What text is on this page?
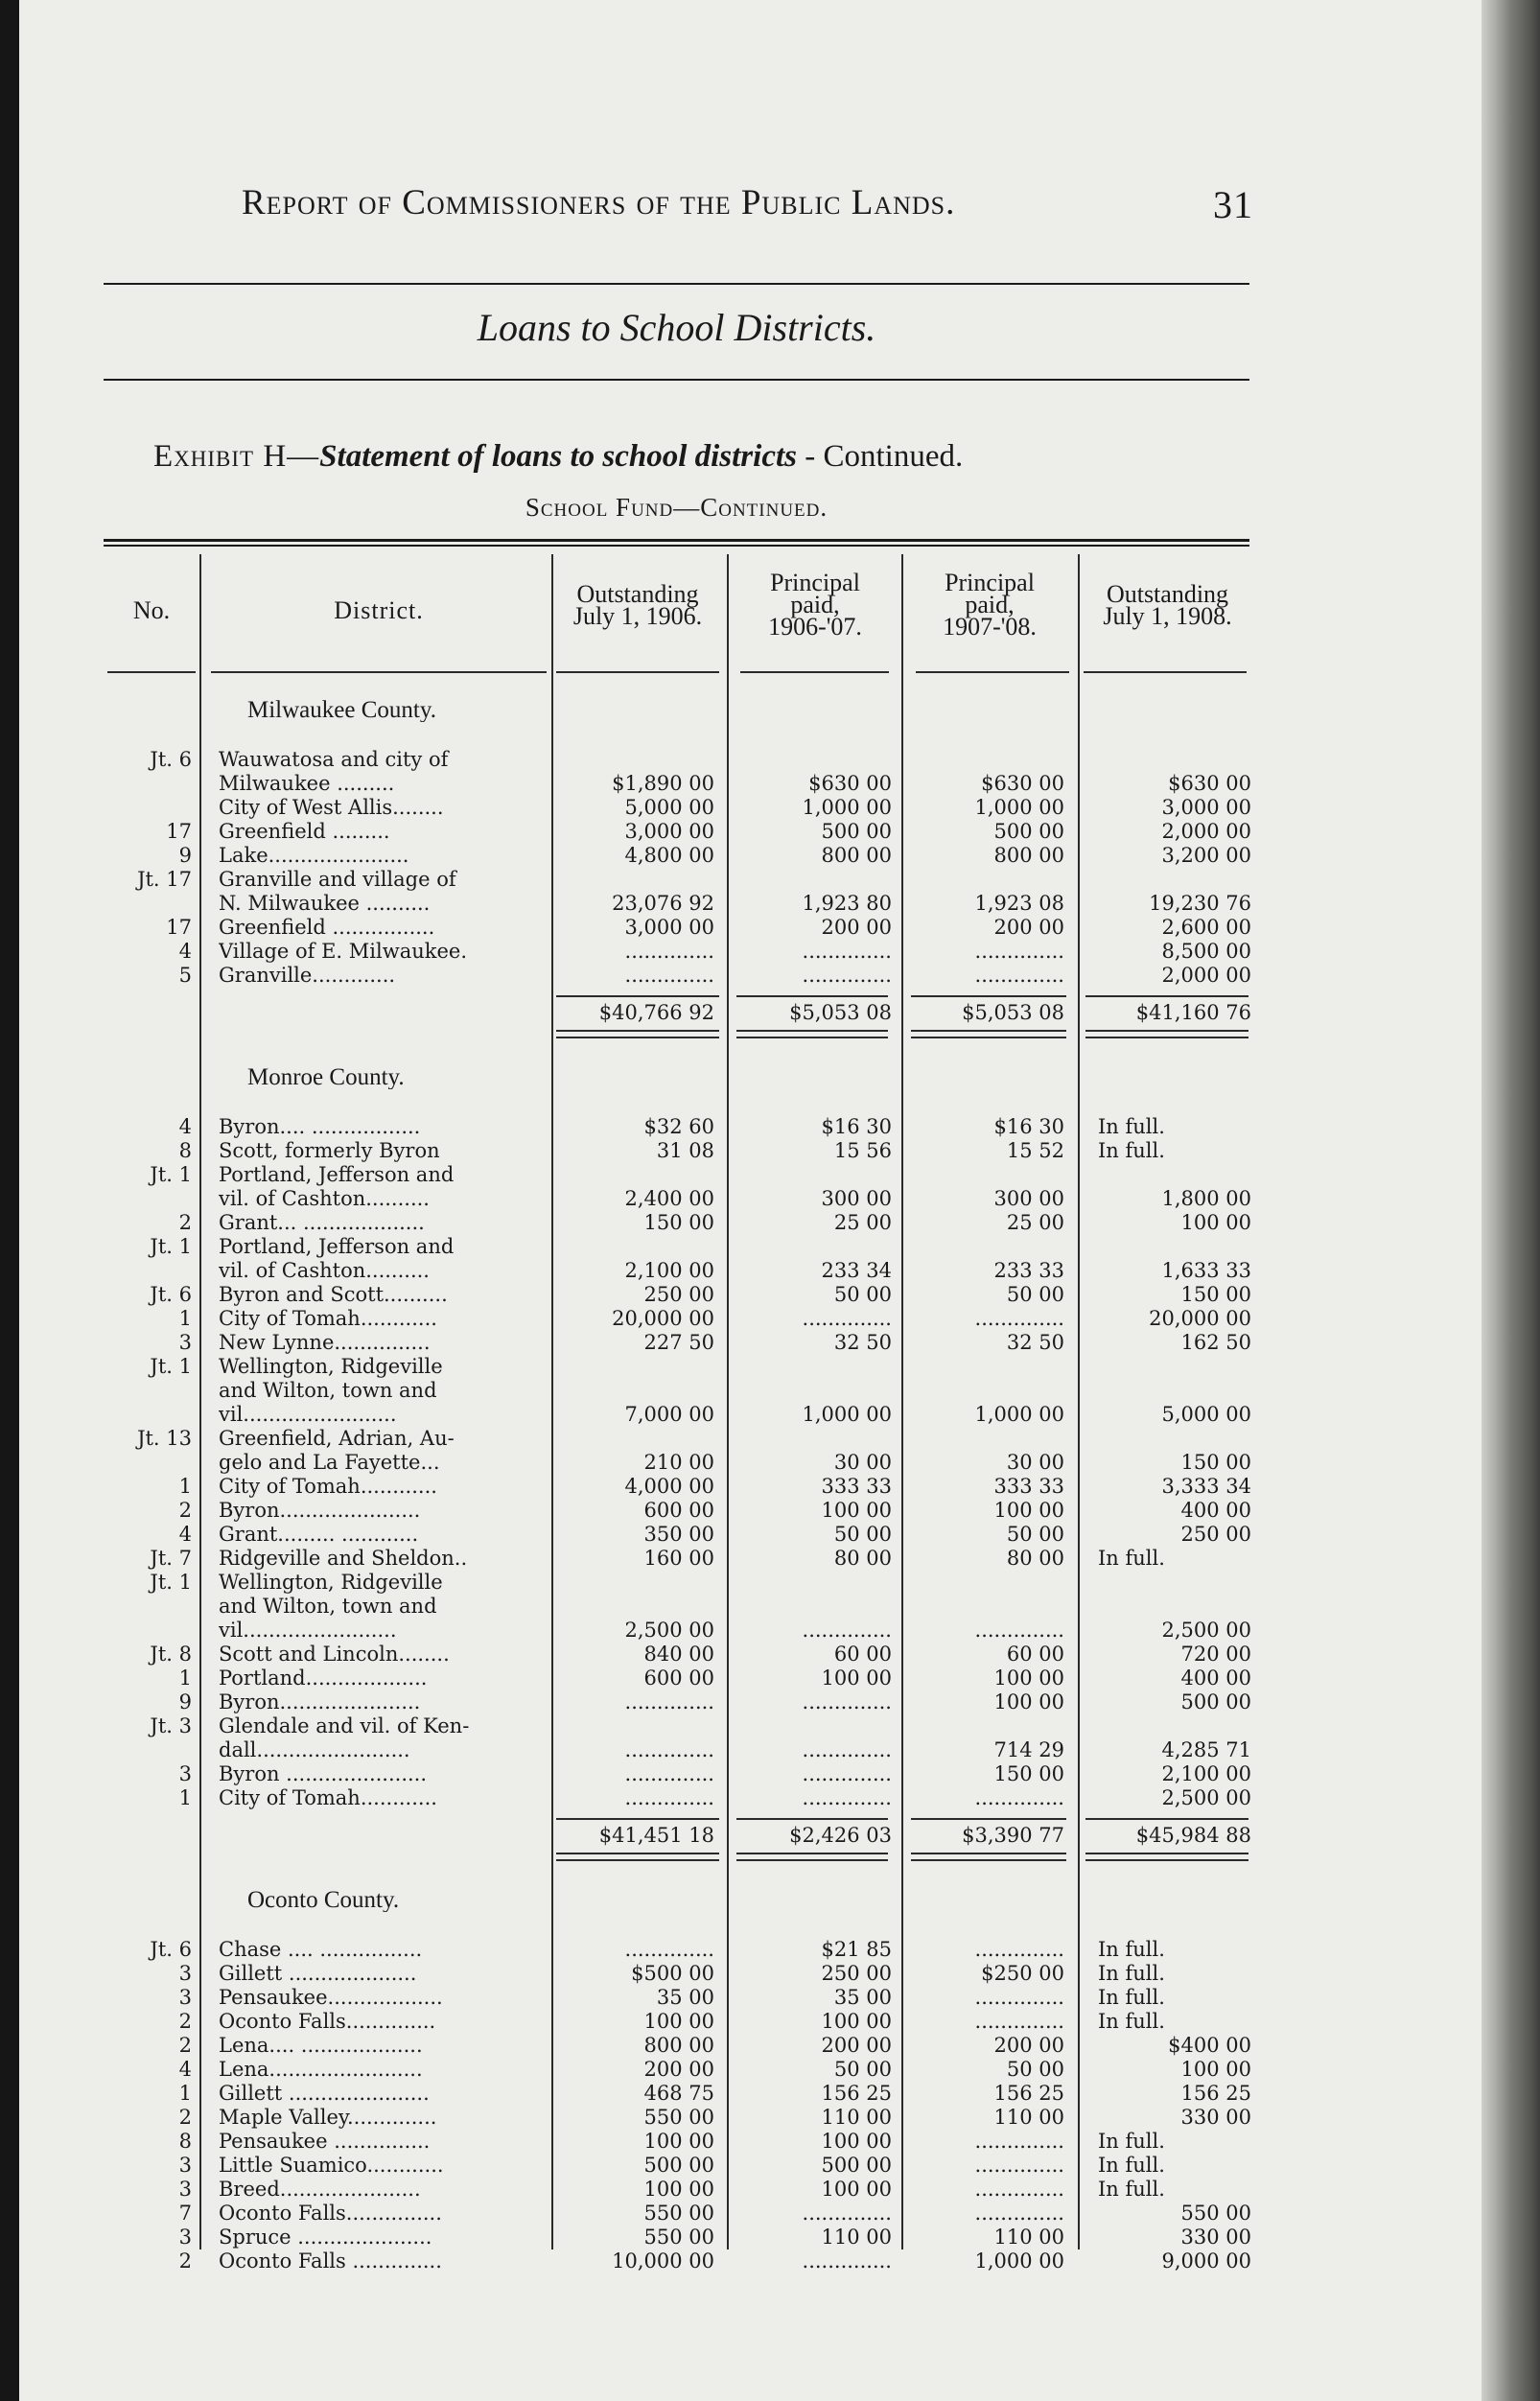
Report of Commissioners of the Public Lands.	31
Loans to School Districts.
Exhibit H—Statement of loans to school districts - Continued.
School Fund—Continued.
No.	District.
Outstanding
July 1, 1906.
Principal
paid,
1906-'07.
Principal
paid,
1907-'08.
Outstanding
July 1, 1908.
Milwaukee County.
Jt. 6 Wauwatosa and city of
Milwaukee .........	$1,890 00	$630 00	$630 00	$630 00
City of West Allis........	5,000 00	1,000 00	1,000 00	3,000 00
17 Greenfield .........	3,000 00	500 00	500 00	2,000 00
9 Lake......................	4,800 00	800 00	800 00	3,200 00
Jt. 17 Granville and village of
N. Milwaukee ..........	23,076 92	1,923 80	1,923 08	19,230 76
17 Greenfield ................	3,000 00	200 00	200 00	2,600 00
4 Village of E. Milwaukee.	..............	..............	..............	8,500 00
5 Granville.............	..............	..............	..............	2,000 00
$40,766 92	$5,053 08	$5,053 08	$41,160 76
Monroe County.
4 Byron.... .................	$32 60	$16 30	$16 30 In full.
8 Scott, formerly Byron	31 08	15 56	15 52 In full.
Jt. 1 Portland, Jefferson and
vil. of Cashton..........	2,400 00	300 00	300 00	1,800 00
2 Grant... ...................	150 00	25 00	25 00	100 00
Jt. 1 Portland, Jefferson and
vil. of Cashton..........	2,100 00	233 34	233 33	1,633 33
Jt. 6 Byron and Scott..........	250 00	50 00	50 00	150 00
1 City of Tomah............	20,000 00	..............	..............	20,000 00
3 New Lynne...............	227 50	32 50	32 50	162 50
Jt. 1 Wellington, Ridgeville
and Wilton, town and
vil........................	7,000 00	1,000 00	1,000 00	5,000 00
Jt. 13 Greenfield, Adrian, Au-
gelo and La Fayette...	210 00	30 00	30 00	150 00
1 City of Tomah............	4,000 00	333 33	333 33	3,333 34
2 Byron......................	600 00	100 00	100 00	400 00
4 Grant......... ............	350 00	50 00	50 00	250 00
Jt. 7 Ridgeville and Sheldon..	160 00	80 00	80 00 In full.
Jt. 1 Wellington, Ridgeville
and Wilton, town and
vil........................	2,500 00	..............	..............	2,500 00
Jt. 8 Scott and Lincoln........	840 00	60 00	60 00	720 00
1 Portland...................	600 00	100 00	100 00	400 00
9 Byron......................	..............	..............	100 00	500 00
Jt. 3 Glendale and vil. of Ken-
dall........................	..............	..............	714 29	4,285 71
3 Byron ......................	..............	..............	150 00	2,100 00
1 City of Tomah............	..............	..............	..............	2,500 00
$41,451 18	$2,426 03	$3,390 77	$45,984 88
Oconto County.
Jt. 6 Chase .... ................	..............	$21 85	.............. In full.
3 Gillett ....................	$500 00	250 00	$250 00 In full.
3 Pensaukee..................	35 00	35 00	.............. In full.
2 Oconto Falls..............	100 00	100 00	.............. In full.
2 Lena.... ...................	800 00	200 00	200 00	$400 00
4 Lena........................	200 00	50 00	50 00	100 00
1 Gillett ......................	468 75	156 25	156 25	156 25
2 Maple Valley..............	550 00	110 00	110 00	330 00
8 Pensaukee ...............	100 00	100 00	.............. In full.
3 Little Suamico............	500 00	500 00	.............. In full.
3 Breed......................	100 00	100 00	.............. In full.
7 Oconto Falls...............	550 00	..............	..............	550 00
3 Spruce .....................	550 00	110 00	110 00	330 00
2 Oconto Falls ..............	10,000 00	..............	1,000 00	9,000 00
